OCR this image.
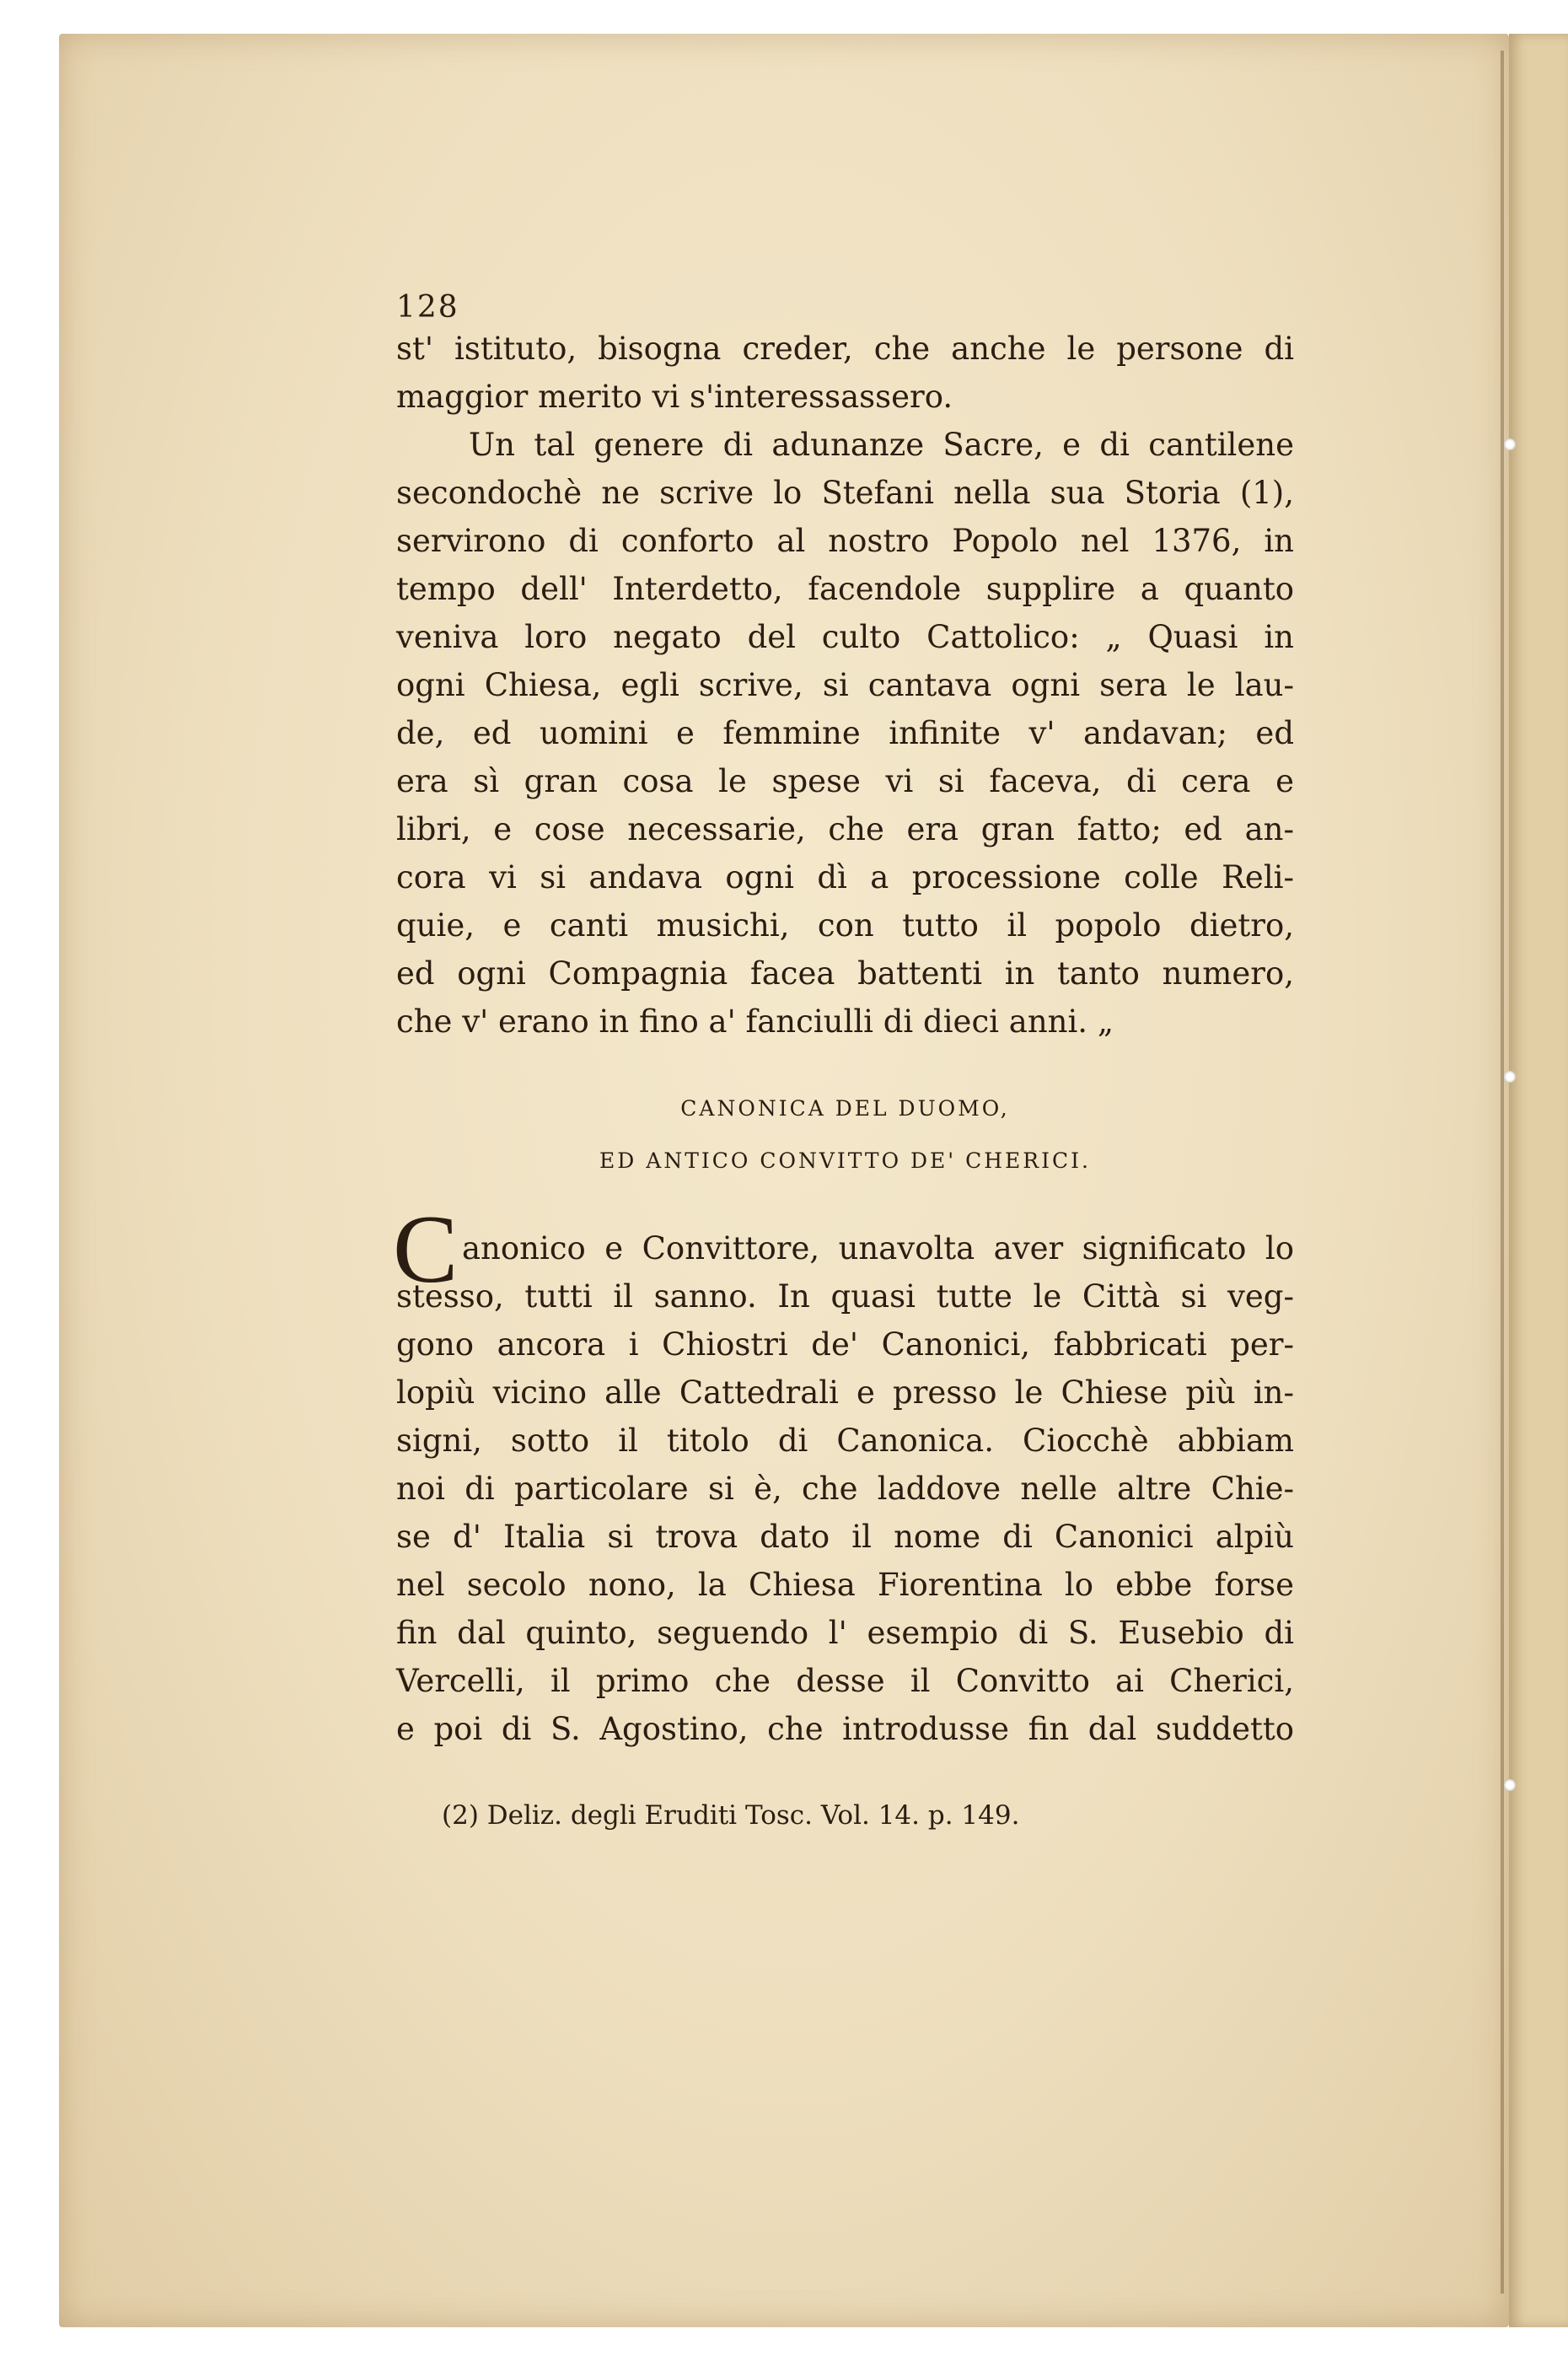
128
st' istituto, bisogna creder, che anche le persone di
maggior merito vi s'interessassero.
Un tal genere di adunanze Sacre, e di cantilene
secondochè ne scrive lo Stefani nella sua Storia (1),
servirono di conforto al nostro Popolo nel 1376, in
tempo dell' Interdetto, facendole supplire a quanto
veniva loro negato del culto Cattolico: „ Quasi in
ogni Chiesa, egli scrive, si cantava ogni sera le lau-
de, ed uomini e femmine infinite v' andavan; ed
era sì gran cosa le spese vi si faceva, di cera e
libri, e cose necessarie, che era gran fatto; ed an-
cora vi si andava ogni dì a processione colle Reli-
quie, e canti musichi, con tutto il popolo dietro,
ed ogni Compagnia facea battenti in tanto numero,
che v' erano in fino a' fanciulli di dieci anni. „
CANONICA DEL DUOMO,
ED ANTICO CONVITTO DE' CHERICI.
C anonico e Convittore, unavolta aver significato lo
stesso, tutti il sanno. In quasi tutte le Città si veg-
gono ancora i Chiostri de' Canonici, fabbricati per-
lopiù vicino alle Cattedrali e presso le Chiese più in-
signi, sotto il titolo di Canonica. Ciocchè abbiam
noi di particolare si è, che laddove nelle altre Chie-
se d' Italia si trova dato il nome di Canonici alpiù
nel secolo nono, la Chiesa Fiorentina lo ebbe forse
fin dal quinto, seguendo l' esempio di S. Eusebio di
Vercelli, il primo che desse il Convitto ai Cherici,
e poi di S. Agostino, che introdusse fin dal suddetto
(2) Deliz. degli Eruditi Tosc. Vol. 14. p. 149.
